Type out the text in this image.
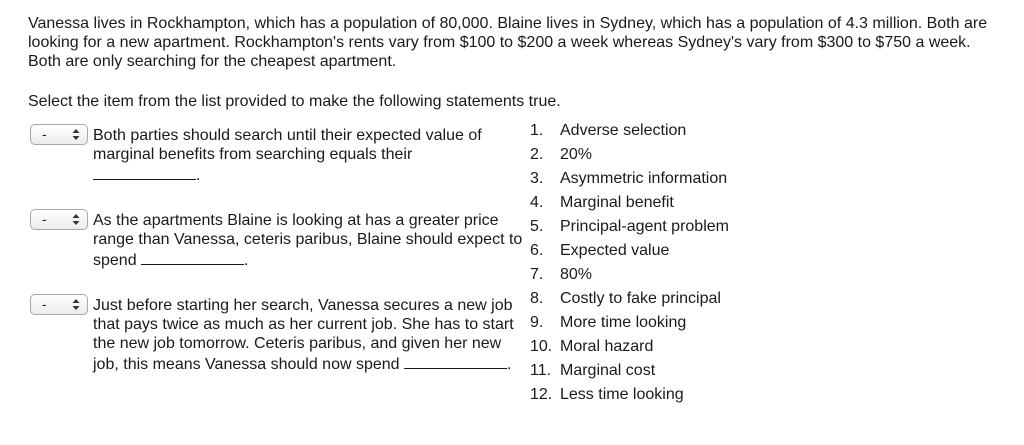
Vanessa lives in Rockhampton, which has a population of 80,000. Blaine lives in Sydney, which has a population of 4.3 million. Both are looking for a new apartment. Rockhampton's rents vary from $100 to $200 a week whereas Sydney's vary from $300 to $750 a week. Both are only searching for the cheapest apartment.
Select the item from the list provided to make the following statements true.
-	Both parties should search until their expected value of marginal benefits from searching equals their
.
-	As the apartments Blaine is looking at has a greater price range than Vanessa, ceteris paribus, Blaine should expect to spend	.
-	Just before starting her search, Vanessa secures a new job that pays twice as much as her current job. She has to start the new job tomorrow. Ceteris paribus, and given her new job, this means Vanessa should now spend	.
1.	Adverse selection
2.	20%
3.	Asymmetric information
4.	Marginal benefit
5.	Principal-agent problem
6.	Expected value
7.	80%
8.	Costly to fake principal
9.	More time looking
10. Moral hazard
11. Marginal cost
12. Less time looking
